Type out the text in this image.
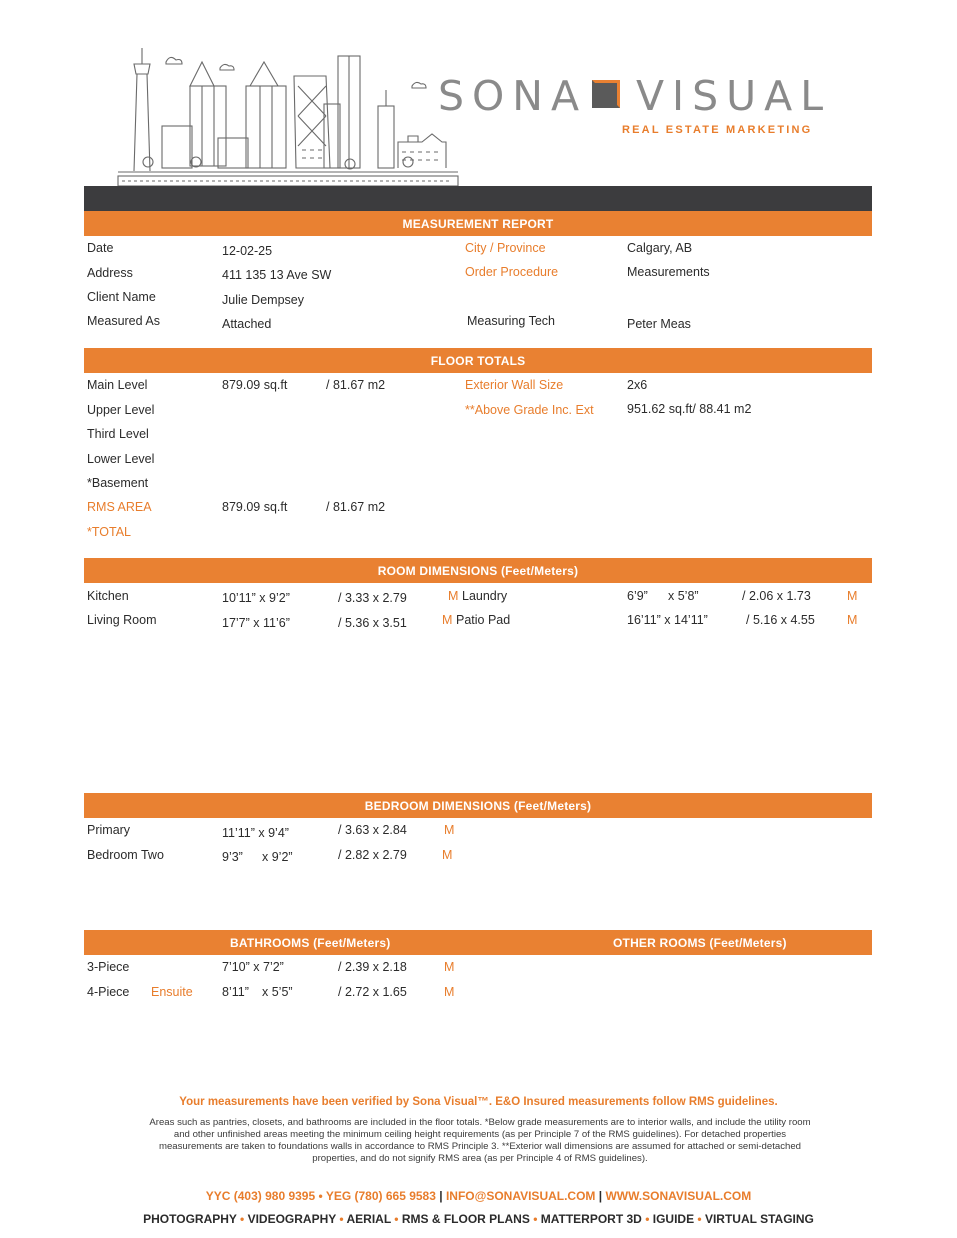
SONA VISUAL
REAL ESTATE MARKETING
MEASUREMENT REPORT
Date	12-02-25
Address	411 135 13 Ave SW
Client Name	Julie Dempsey
Measured As	Attached
City / Province	Calgary, AB
Order Procedure	Measurements
Measuring Tech	Peter Meas
FLOOR TOTALS
Main Level	879.09 sq.ft	/ 81.67 m2
Upper Level
Third Level
Lower Level
*Basement
RMS AREA	879.09 sq.ft	/ 81.67 m2
*TOTAL
Exterior Wall Size	2x6
**Above Grade Inc. Ext	951.62 sq.ft/ 88.41 m2
ROOM DIMENSIONS (Feet/Meters)
Kitchen	10’11” x 9’2”	/ 3.33 x 2.79	M
Living Room	17’7” x 11’6”	/ 5.36 x 3.51	M
Laundry	6’9” x 5’8”	/ 2.06 x 1.73	M
Patio Pad	16’11” x 14’11”	/ 5.16 x 4.55	M
BEDROOM DIMENSIONS (Feet/Meters)
Primary	11’11” x 9’4”	/ 3.63 x 2.84	M
Bedroom Two	9’3” x 9’2”	/ 2.82 x 2.79	M
BATHROOMS (Feet/Meters)	OTHER ROOMS (Feet/Meters)
3-Piece	7’10” x 7’2”	/ 2.39 x 2.18	M
4-Piece Ensuite 8’11” x 5’5”	/ 2.72 x 1.65	M
Your measurements have been verified by Sona Visual™. E&O Insured measurements follow RMS guidelines.
Areas such as pantries, closets, and bathrooms are included in the floor totals. *Below grade measurements are to interior walls, and include the utility room
and other unfinished areas meeting the minimum ceiling height requirements (as per Principle 7 of the RMS guidelines). For detached properties
measurements are taken to foundations walls in accordance to RMS Principle 3. **Exterior wall dimensions are assumed for attached or semi-detached
properties, and do not signify RMS area (as per Principle 4 of RMS guidelines).
YYC (403) 980 9395 • YEG (780) 665 9583 | INFO@SONAVISUAL.COM | WWW.SONAVISUAL.COM
PHOTOGRAPHY • VIDEOGRAPHY • AERIAL • RMS & FLOOR PLANS • MATTERPORT 3D • IGUIDE • VIRTUAL STAGING
